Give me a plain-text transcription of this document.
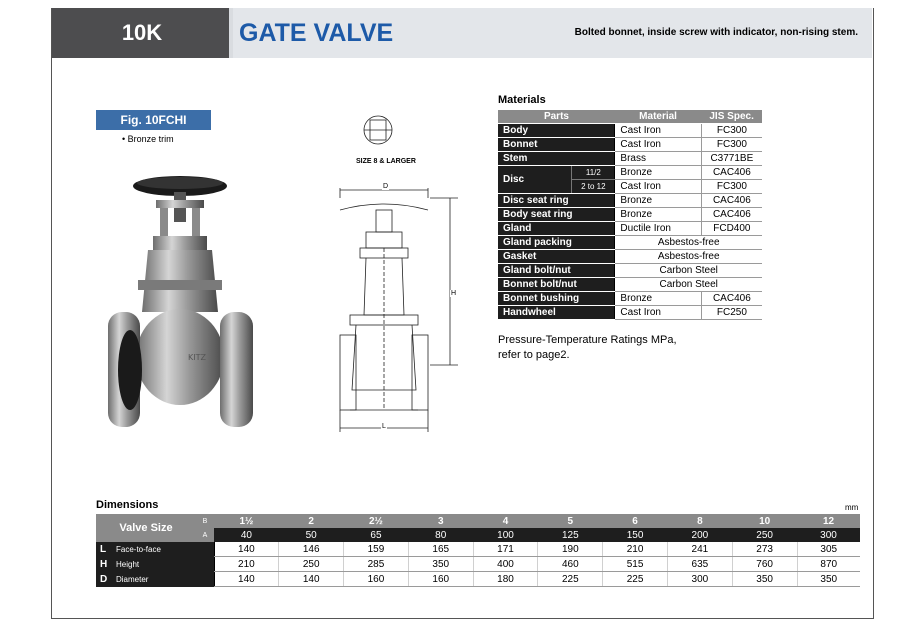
10K	GATE VALVE	Bolted bonnet, inside screw with indicator, non-rising stem.
Fig. 10FCHI
• Bronze trim
KITZ
SIZE 8 & LARGER
D
H
L
Materials
Parts		Material	JIS Spec.
Body		Cast Iron	FC300
Bonnet		Cast Iron	FC300
Stem		Brass	C3771BE
Disc	11/2	Bronze	CAC406
	2 to 12	Cast Iron	FC300
Disc seat ring		Bronze	CAC406
Body seat ring		Bronze	CAC406
Gland		Ductile Iron	FCD400
Gland packing		Asbestos-free	
Gasket		Asbestos-free	
Gland bolt/nut		Carbon Steel	
Bonnet bolt/nut		Carbon Steel	
Bonnet bushing		Bronze	CAC406
Handwheel		Cast Iron	FC250
Pressure-Temperature Ratings MPa,
refer to page2.
Dimensions	mm
Valve Size	B	1½	2	2½	3	4	5	6	8	10	12
	A	40	50	65	80	100	125	150	200	250	300
L Face-to-face		140	146	159	165	171	190	210	241	273	305
H Height		210	250	285	350	400	460	515	635	760	870
D Diameter		140	140	160	160	180	225	225	300	350	350
